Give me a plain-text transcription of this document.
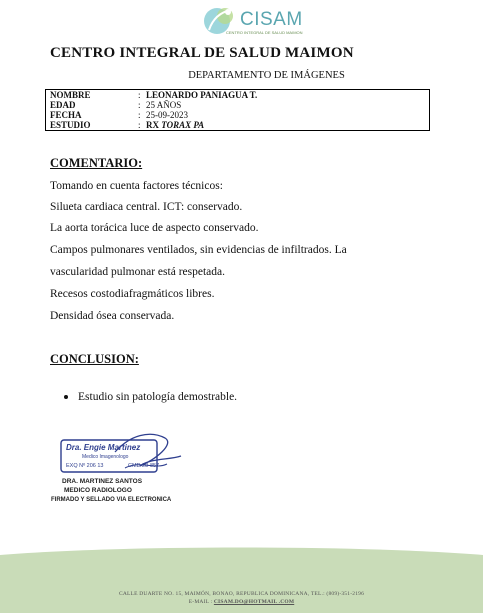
CISAM
CENTRO INTEGRAL DE SALUD MAIMON
CENTRO INTEGRAL DE SALUD MAIMON
DEPARTAMENTO DE IMÁGENES
NOMBRE	: LEONARDO PANIAGUA T.
EDAD	: 25 AÑOS
FECHA	: 25-09-2023
ESTUDIO	: RX TORAX PA
COMENTARIO:
Tomando en cuenta factores técnicos:
Silueta cardiaca central. ICT: conservado.
La aorta torácica luce de aspecto conservado.
Campos pulmonares ventilados, sin evidencias de infiltrados. La
vascularidad pulmonar está respetada.
Recesos costodiafragmáticos libres.
Densidad ósea conservada.
CONCLUSION:
Estudio sin patología demostrable.
Dra. Engie Martinez
Medico Imagenologo
EXQ Nº 206 13	CMD 28-857
DRA. MARTINEZ SANTOS
MEDICO RADIOLOGO
FIRMADO Y SELLADO VIA ELECTRONICA
CALLE DUARTE NO. 15, MAIMÓN, BONAO, REPUBLICA DOMINICANA, TEL.: (809)-351-2196
E-MAIL : CISAM.DO@HOTMAIL .COM
